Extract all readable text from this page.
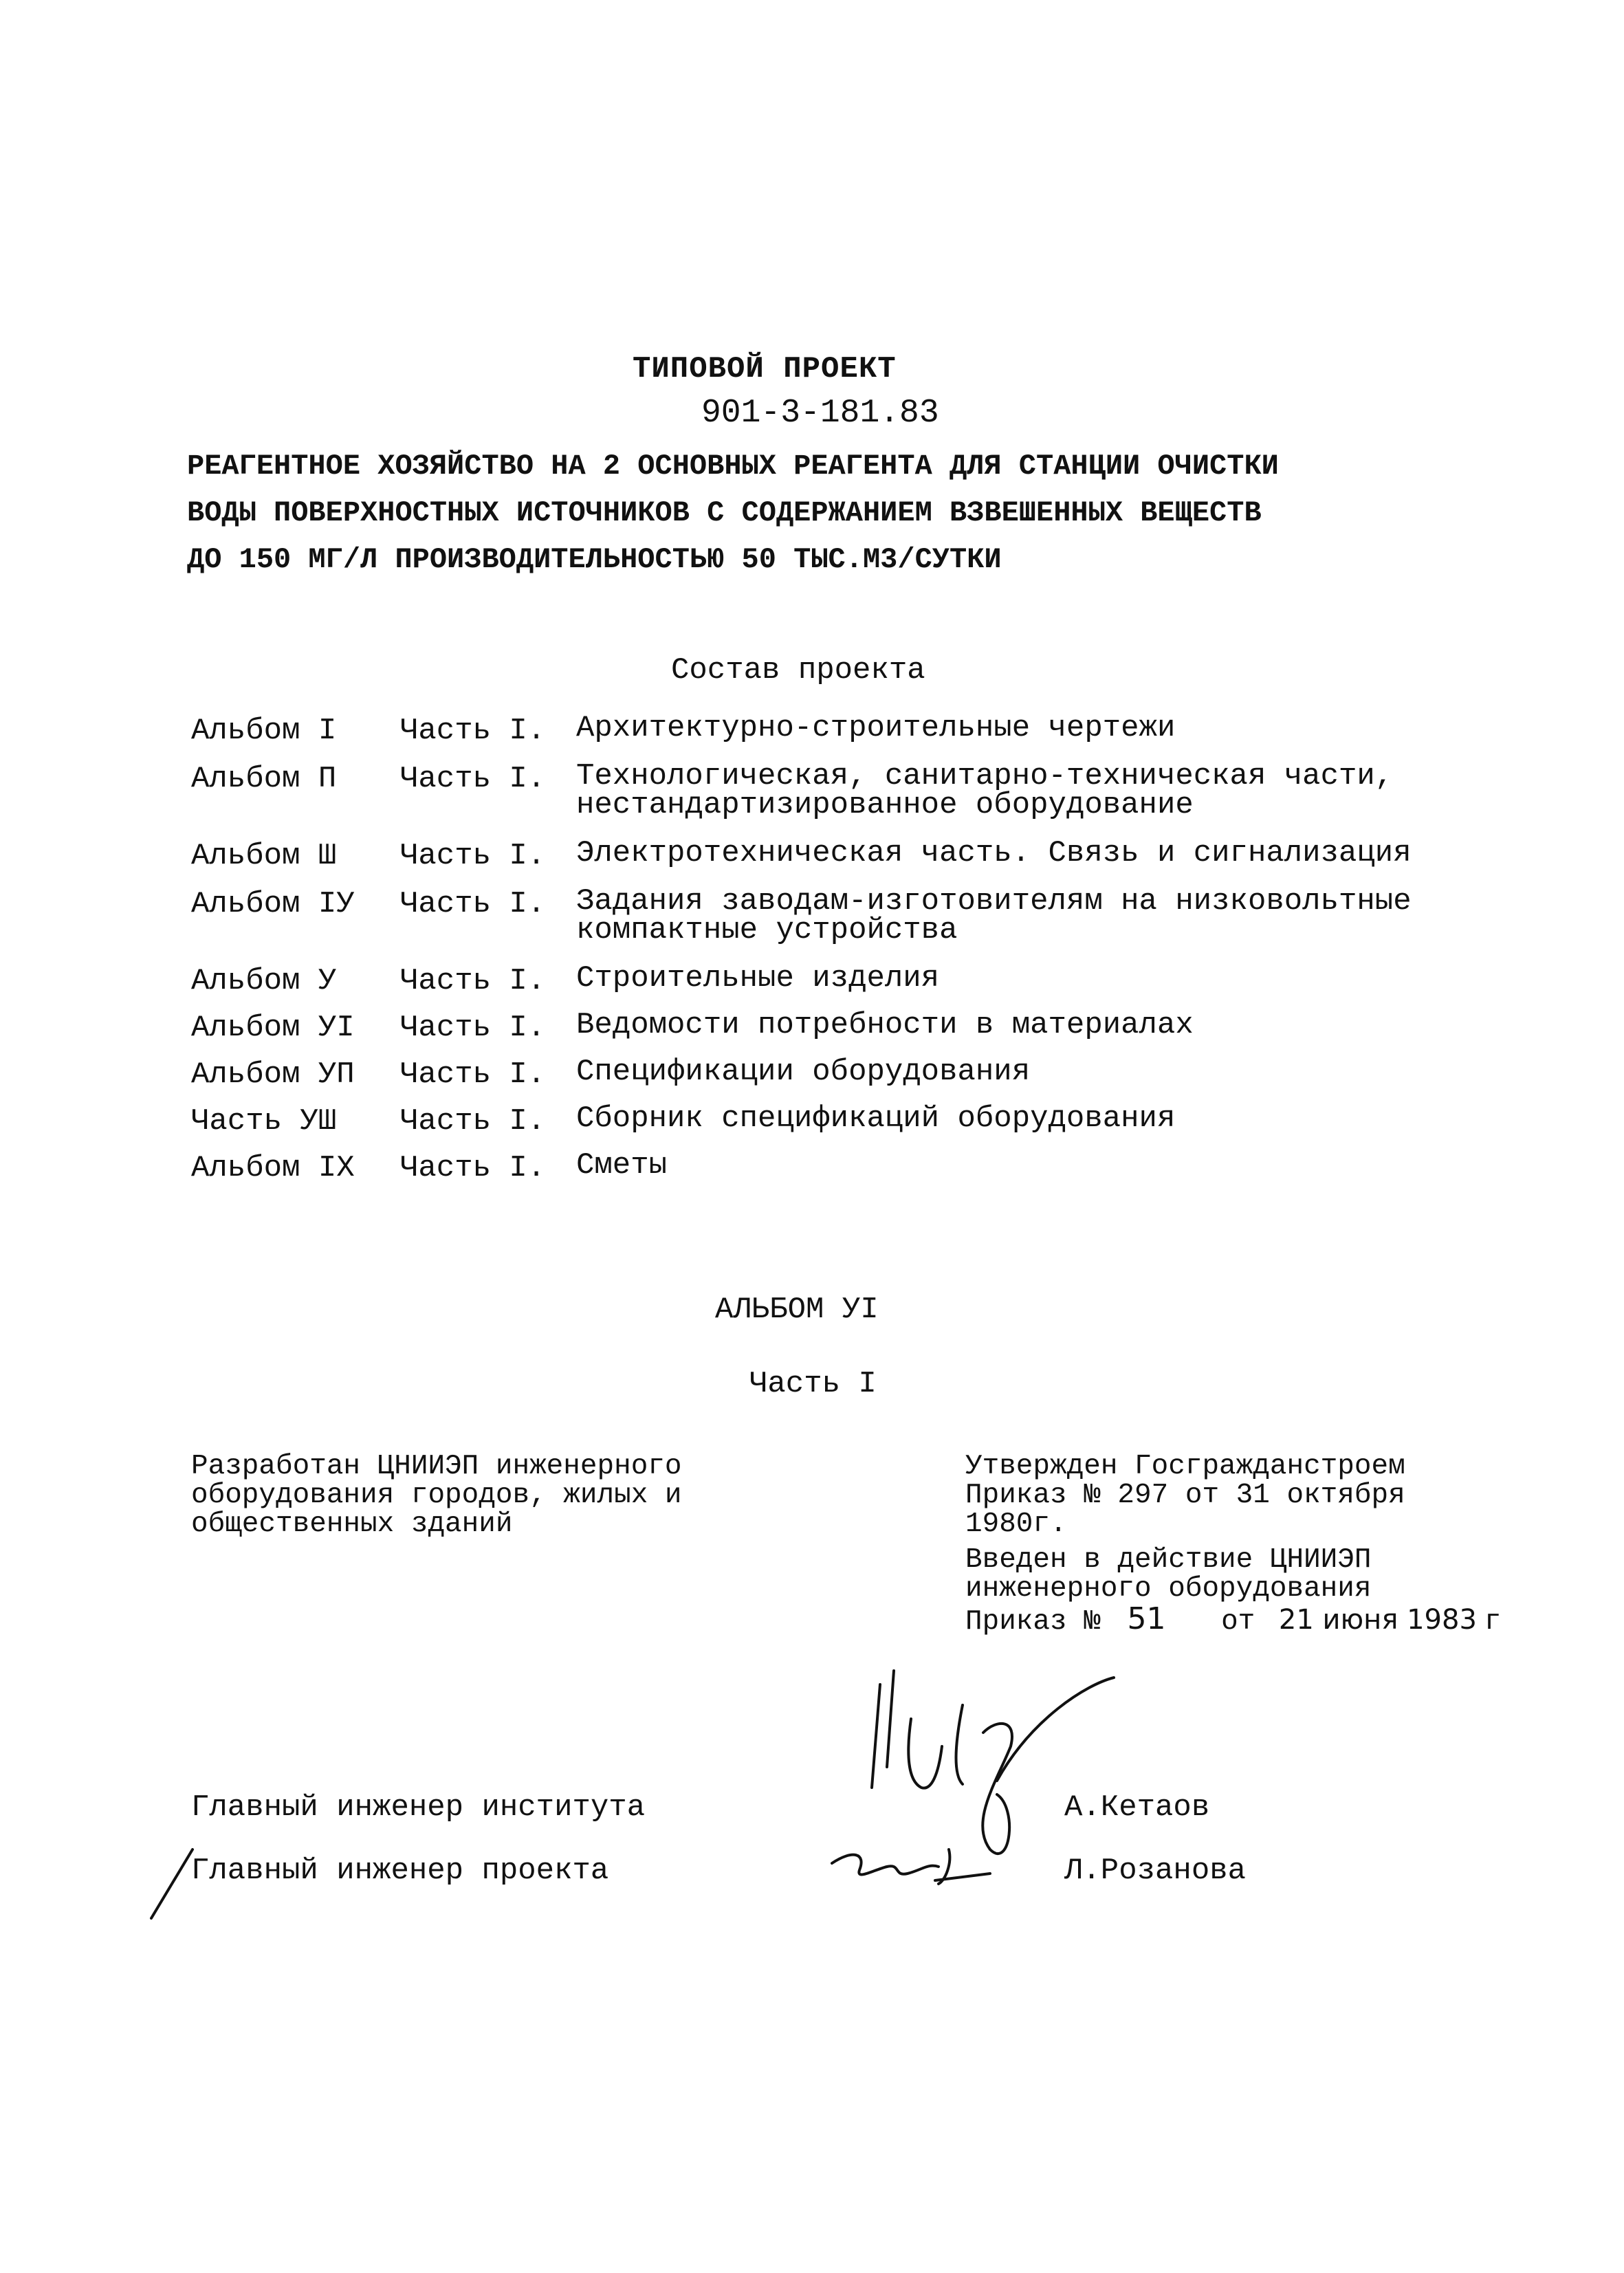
ТИПОВОЙ ПРОЕКТ
901-3-181.83
РЕАГЕНТНОЕ ХОЗЯЙСТВО НА 2 ОСНОВНЫХ РЕАГЕНТА ДЛЯ СТАНЦИИ ОЧИСТКИ
ВОДЫ ПОВЕРХНОСТНЫХ ИСТОЧНИКОВ С СОДЕРЖАНИЕМ ВЗВЕШЕННЫХ ВЕЩЕСТВ
ДО 150 МГ/Л ПРОИЗВОДИТЕЛЬНОСТЬЮ 50 ТЫС.М3/СУТКИ
Состав проекта
Альбом I Часть I. Архитектурно-строительные чертежи
Альбом П Часть I. Технологическая, санитарно-техническая части,
нестандартизированное оборудование
Альбом Ш Часть I. Электротехническая часть. Связь и сигнализация
Альбом IУ Часть I. Задания заводам-изготовителям на низковольтные
компактные устройства
Альбом У Часть I. Строительные изделия
Альбом УI Часть I. Ведомости потребности в материалах
Альбом УП Часть I. Спецификации оборудования
Часть УШ Часть I. Сборник спецификаций оборудования
Альбом IХ Часть I. Сметы
АЛЬБОМ УI
Часть I
Разработан ЦНИИЭП инженерного
оборудования городов, жилых и
общественных зданий
Утвержден Госгражданстроем
Приказ № 297 от 31 октября
1980г.
Введен в действие ЦНИИЭП
инженерного оборудования
Приказ № 51 от 21 июня 1983 г
Главный инженер института	А.Кетаов
Главный инженер проекта	Л.Розанова
